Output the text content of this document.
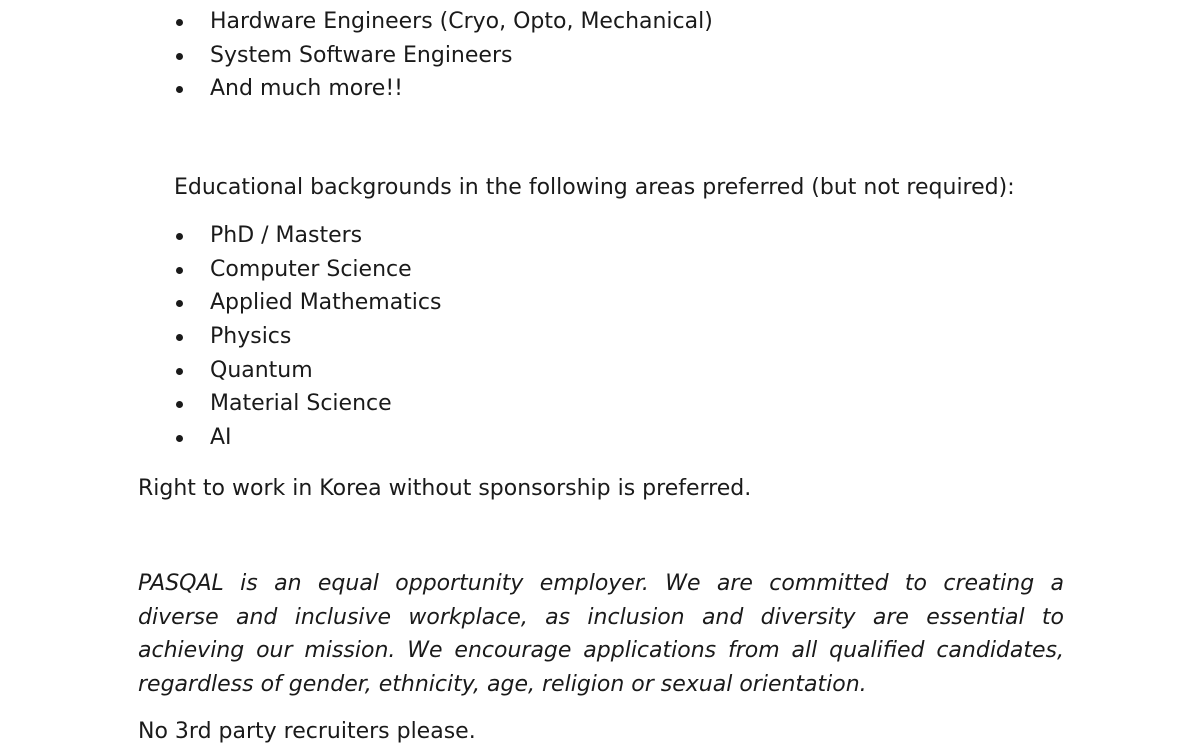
Hardware Engineers (Cryo, Opto, Mechanical)
System Software Engineers
And much more!!

Educational backgrounds in the following areas preferred (but not required):

PhD / Masters
Computer Science
Applied Mathematics
Physics
Quantum
Material Science
AI

Right to work in Korea without sponsorship is preferred.

PASQAL is an equal opportunity employer. We are committed to creating a
diverse and inclusive workplace, as inclusion and diversity are essential to
achieving our mission. We encourage applications from all qualified candidates,
regardless of gender, ethnicity, age, religion or sexual orientation.

No 3rd party recruiters please.
